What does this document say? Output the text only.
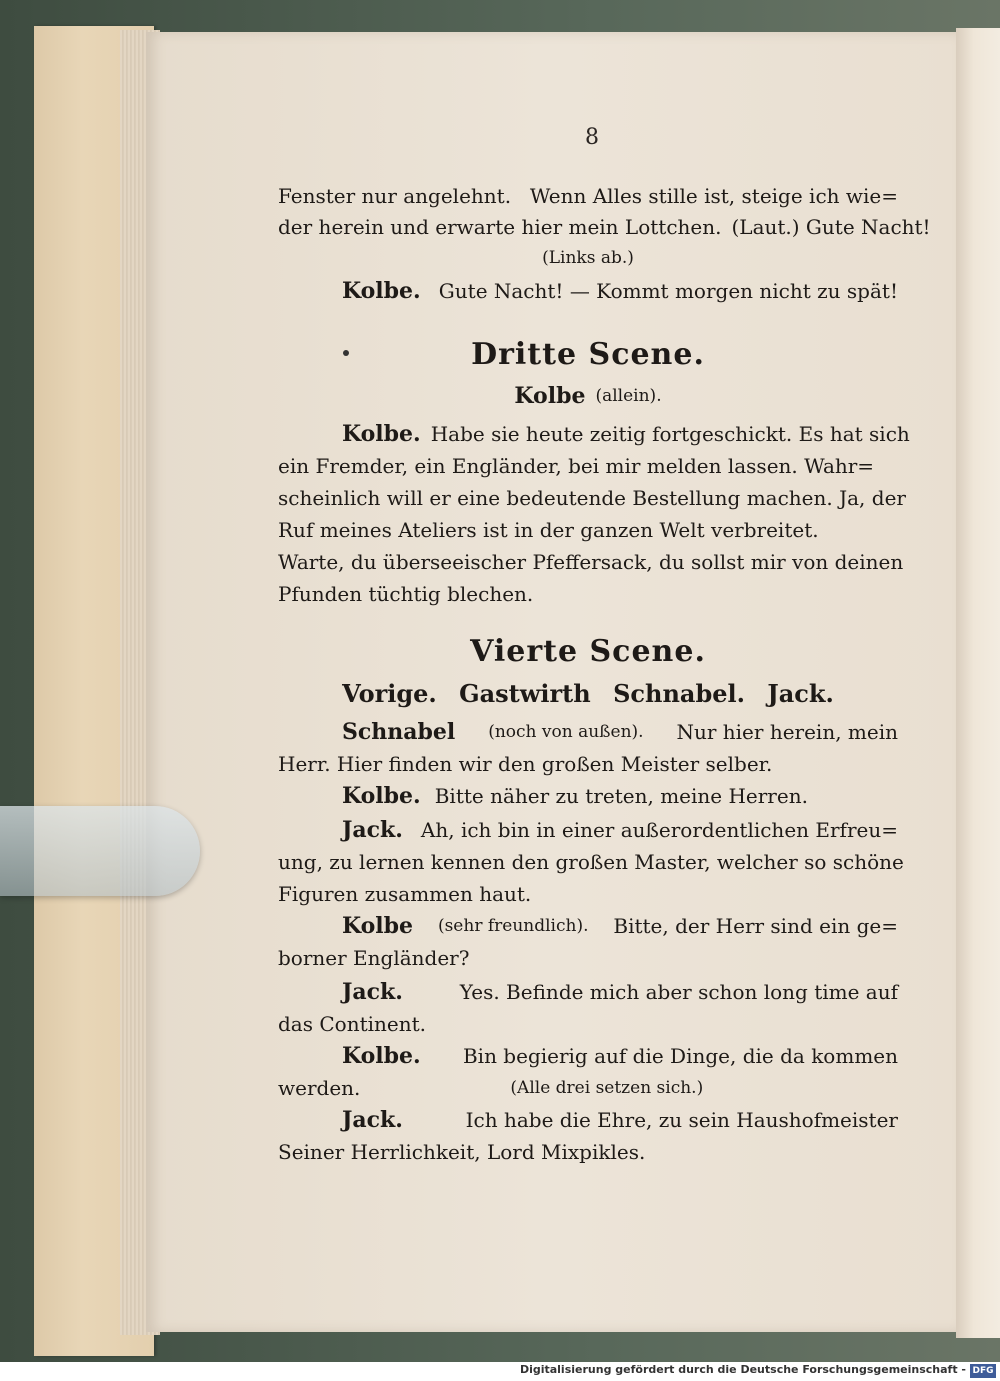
8
Fenster nur angelehnt. Wenn Alles stille ist, steige ich wie=
der herein und erwarte hier mein Lottchen. (Laut.) Gute Nacht!
(Links ab.)
Kolbe. Gute Nacht! — Kommt morgen nicht zu spät!
Dritte Scene.
Kolbe (allein).
Kolbe. Habe sie heute zeitig fortgeschickt. Es hat sich
ein Fremder, ein Engländer, bei mir melden lassen. Wahr=
scheinlich will er eine bedeutende Bestellung machen. Ja, der
Ruf meines Ateliers ist in der ganzen Welt verbreitet.
Warte, du überseeischer Pfeffersack, du sollst mir von deinen
Pfunden tüchtig blechen.
Vierte Scene.
Vorige. Gastwirth Schnabel. Jack.
Schnabel (noch von außen). Nur hier herein, mein
Herr. Hier finden wir den großen Meister selber.
Kolbe. Bitte näher zu treten, meine Herren.
Jack. Ah, ich bin in einer außerordentlichen Erfreu=
ung, zu lernen kennen den großen Master, welcher so schöne
Figuren zusammen haut.
Kolbe (sehr freundlich). Bitte, der Herr sind ein ge=
borner Engländer?
Jack.	Yes. Befinde mich aber schon long time auf
das Continent.
Kolbe. Bin begierig auf die Dinge, die da kommen
werden.	(Alle drei setzen sich.)
Jack.	Ich habe die Ehre, zu sein Haushofmeister
Seiner Herrlichkeit, Lord Mixpikles.
Digitalisierung gefördert durch die Deutsche Forschungsgemeinschaft - DFG
